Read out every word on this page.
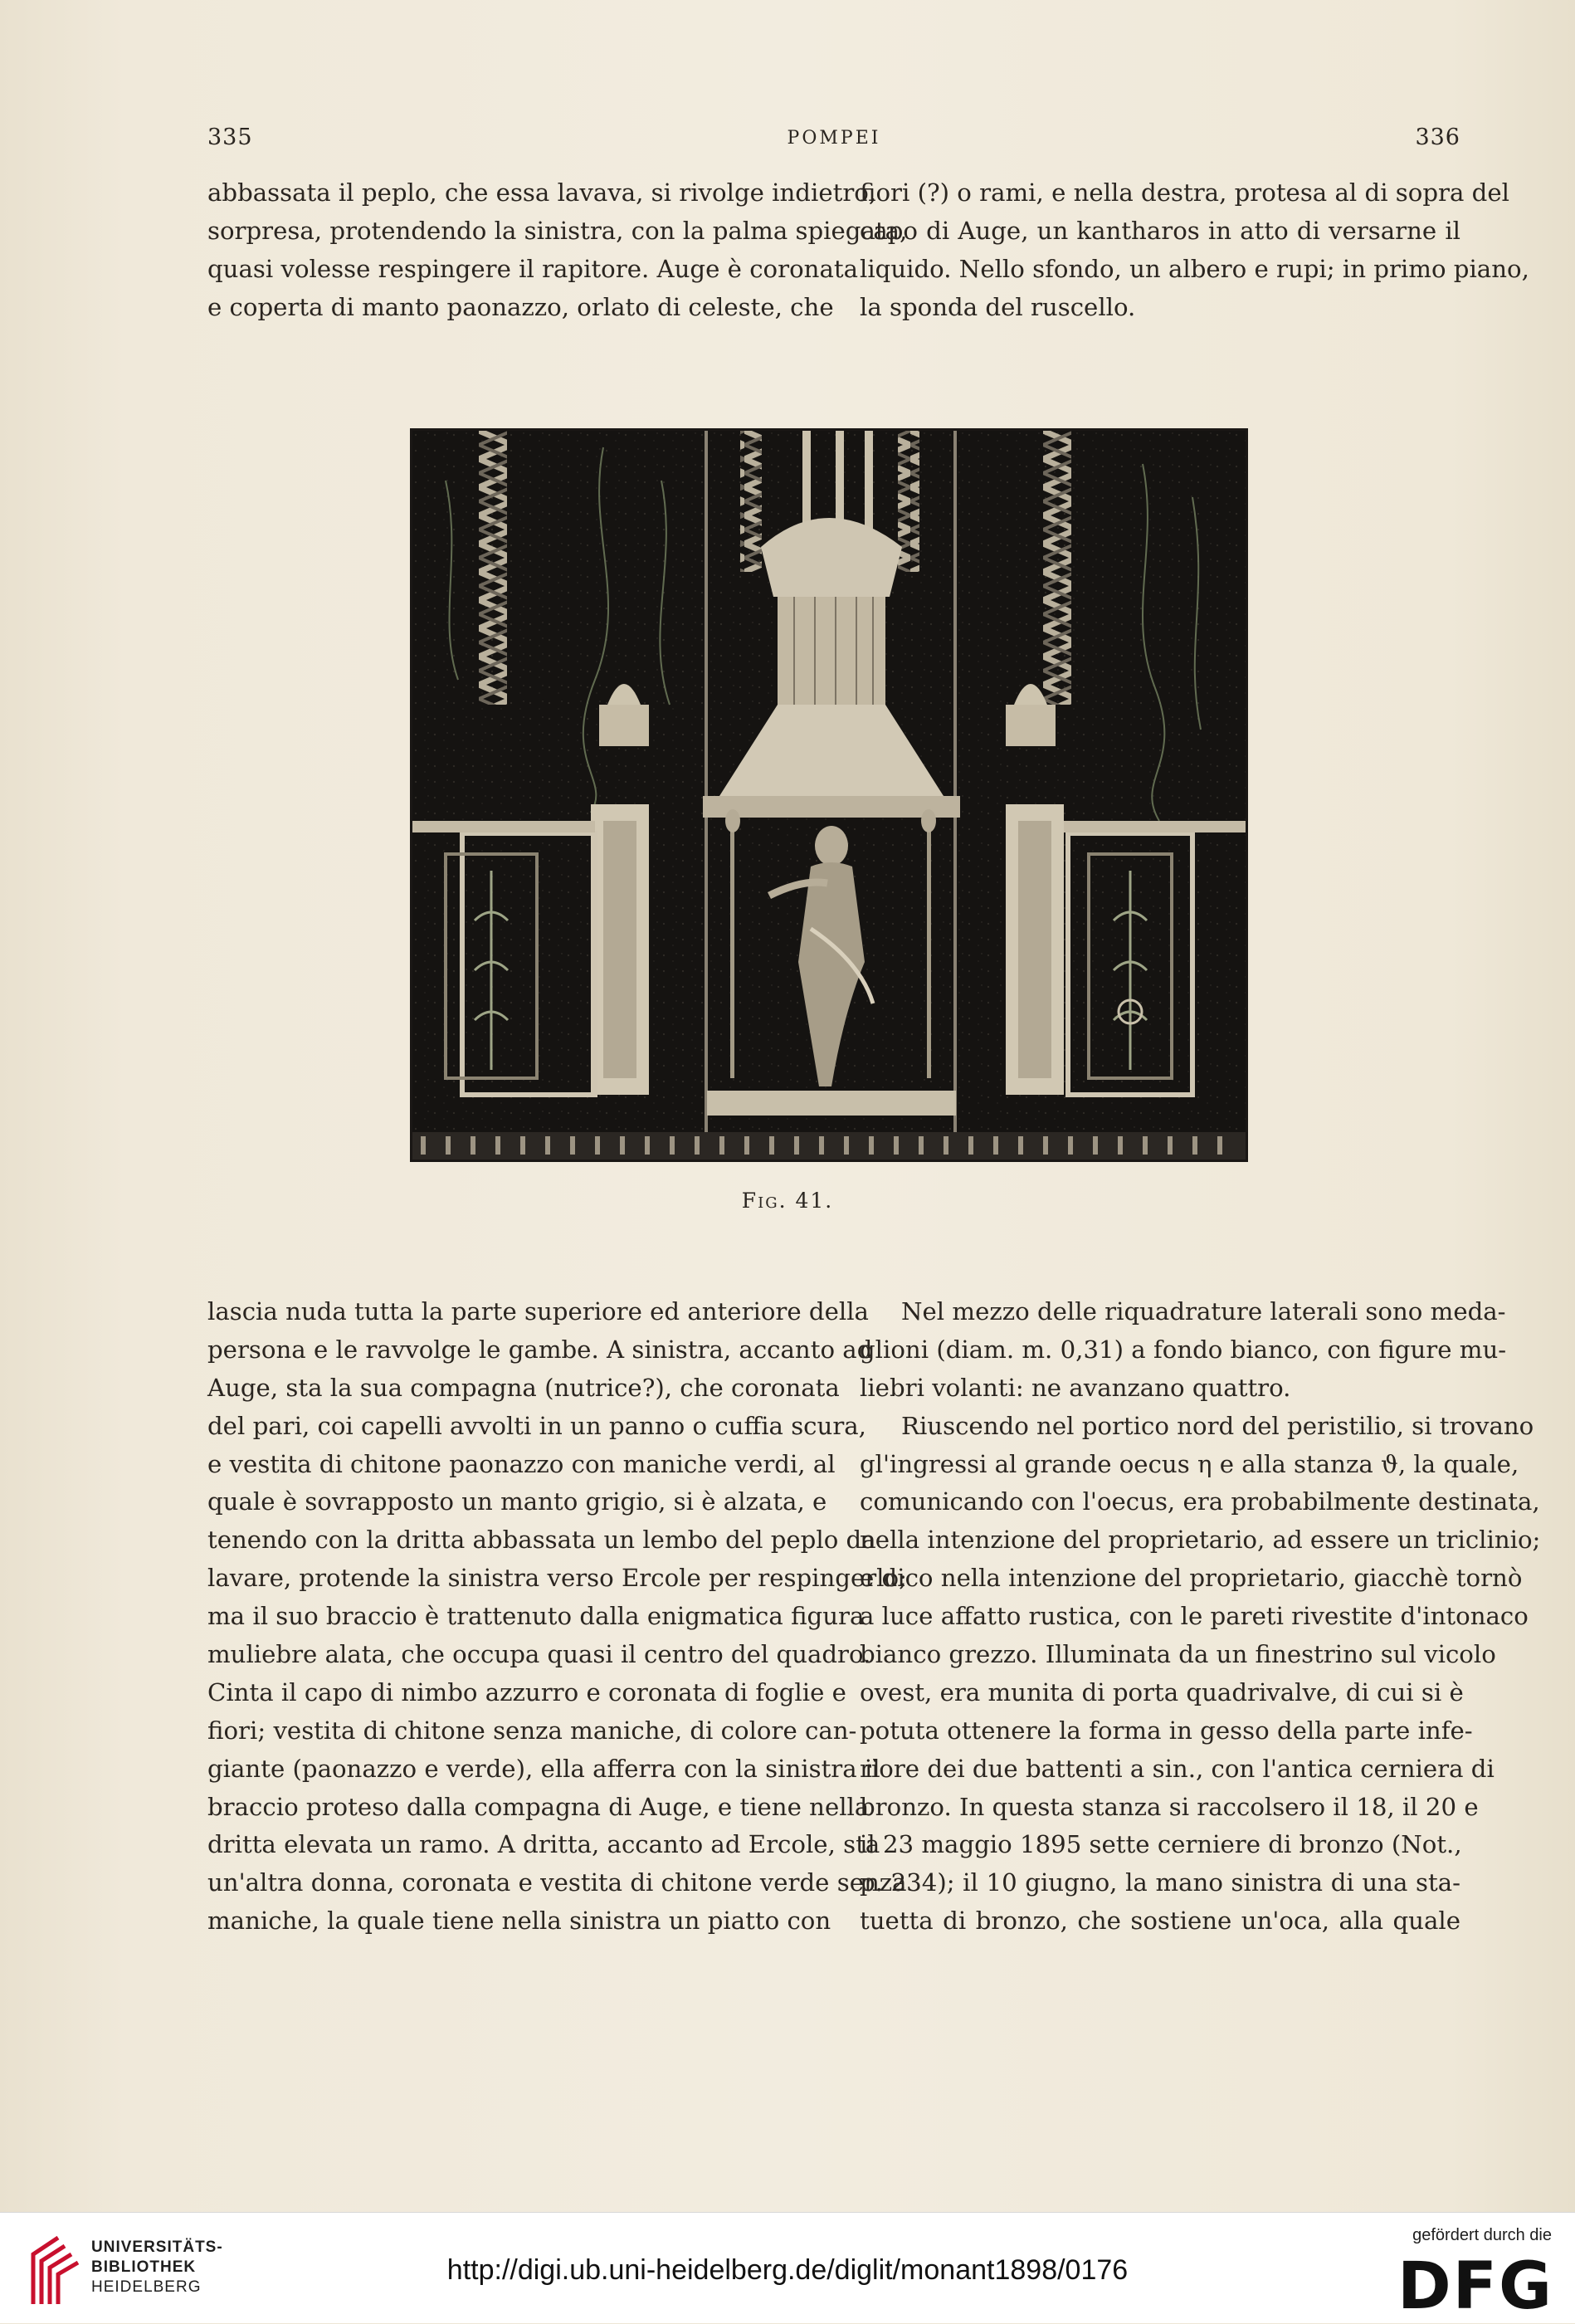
335	POMPEI	336
abbassata il peplo, che essa lavava, si rivolge indietro,
sorpresa, protendendo la sinistra, con la palma spiegata,
quasi volesse respingere il rapitore. Auge è coronata
e coperta di manto paonazzo, orlato di celeste, che
fiori (?) o rami, e nella destra, protesa al di sopra del
capo di Auge, un kantharos in atto di versarne il
liquido. Nello sfondo, un albero e rupi; in primo piano,
la sponda del ruscello.
Fig. 41.
lascia nuda tutta la parte superiore ed anteriore della
persona e le ravvolge le gambe. A sinistra, accanto ad
Auge, sta la sua compagna (nutrice?), che coronata
del pari, coi capelli avvolti in un panno o cuffia scura,
e vestita di chitone paonazzo con maniche verdi, al
quale è sovrapposto un manto grigio, si è alzata, e
tenendo con la dritta abbassata un lembo del peplo da
lavare, protende la sinistra verso Ercole per respingerlo;
ma il suo braccio è trattenuto dalla enigmatica figura
muliebre alata, che occupa quasi il centro del quadro.
Cinta il capo di nimbo azzurro e coronata di foglie e
fiori; vestita di chitone senza maniche, di colore can-
giante (paonazzo e verde), ella afferra con la sinistra il
braccio proteso dalla compagna di Auge, e tiene nella
dritta elevata un ramo. A dritta, accanto ad Ercole, sta
un'altra donna, coronata e vestita di chitone verde senza
maniche, la quale tiene nella sinistra un piatto con
Nel mezzo delle riquadrature laterali sono meda-
glioni (diam. m. 0,31) a fondo bianco, con figure mu-
liebri volanti: ne avanzano quattro.
Riuscendo nel portico nord del peristilio, si trovano
gl'ingressi al grande oecus η e alla stanza ϑ, la quale,
comunicando con l'oecus, era probabilmente destinata,
nella intenzione del proprietario, ad essere un triclinio;
e dico nella intenzione del proprietario, giacchè tornò
a luce affatto rustica, con le pareti rivestite d'intonaco
bianco grezzo. Illuminata da un finestrino sul vicolo
ovest, era munita di porta quadrivalve, di cui si è
potuta ottenere la forma in gesso della parte infe-
riore dei due battenti a sin., con l'antica cerniera di
bronzo. In questa stanza si raccolsero il 18, il 20 e
il 23 maggio 1895 sette cerniere di bronzo (Not.,
p. 234); il 10 giugno, la mano sinistra di una sta-
tuetta di bronzo, che sostiene un'oca, alla quale
UNIVERSITÄTS-
BIBLIOTHEK
HEIDELBERG
http://digi.ub.uni-heidelberg.de/diglit/monant1898/0176
gefördert durch die
DFG
